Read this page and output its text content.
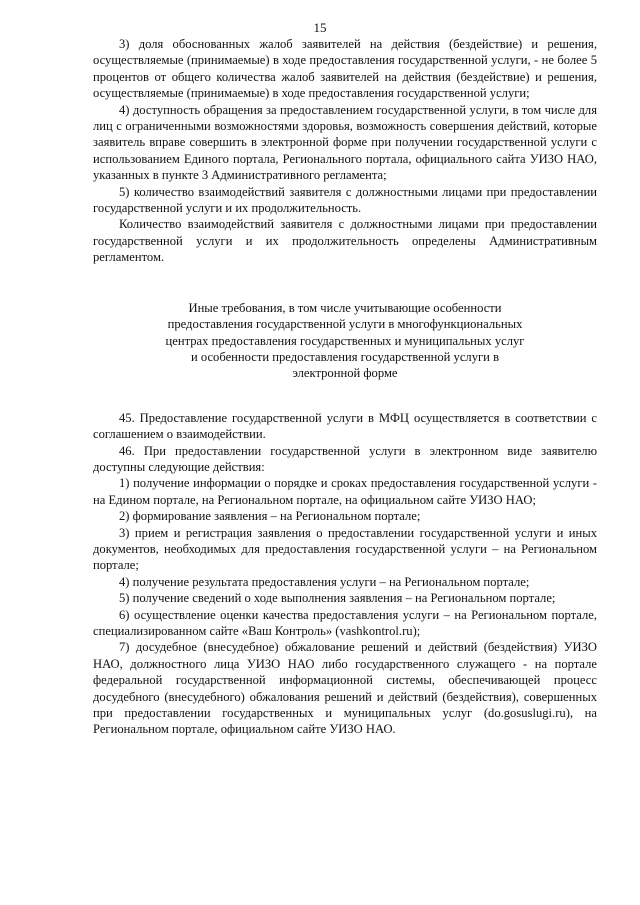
15

3) доля обоснованных жалоб заявителей на действия (бездействие) и решения, осуществляемые (принимаемые) в ходе предоставления государственной услуги, - не более 5 процентов от общего количества жалоб заявителей на действия (бездействие) и решения, осуществляемые (принимаемые) в ходе предоставления государственной услуги;

4) доступность обращения за предоставлением государственной услуги, в том числе для лиц с ограниченными возможностями здоровья, возможность совершения действий, которые заявитель вправе совершить в электронной форме при получении государственной услуги с использованием Единого портала, Регионального портала, официального сайта УИЗО НАО, указанных в пункте 3 Административного регламента;

5) количество взаимодействий заявителя с должностными лицами при предоставлении государственной услуги и их продолжительность.

Количество взаимодействий заявителя с должностными лицами при предоставлении государственной услуги и их продолжительность определены Административным регламентом.

Иные требования, в том числе учитывающие особенности
предоставления государственной услуги в многофункциональных
центрах предоставления государственных и муниципальных услуг
и особенности предоставления государственной услуги в
электронной форме

45. Предоставление государственной услуги в МФЦ осуществляется в соответствии с соглашением о взаимодействии.

46. При предоставлении государственной услуги в электронном виде заявителю доступны следующие действия:

1) получение информации о порядке и сроках предоставления государственной услуги - на Едином портале, на Региональном портале, на официальном сайте УИЗО НАО;

2) формирование заявления – на Региональном портале;

3) прием и регистрация заявления о предоставлении государственной услуги и иных документов, необходимых для предоставления государственной услуги – на Региональном портале;

4) получение результата предоставления услуги – на Региональном портале;

5) получение сведений о ходе выполнения заявления – на Региональном портале;

6) осуществление оценки качества предоставления услуги – на Региональном портале, специализированном сайте «Ваш Контроль» (vashkontrol.ru);

7) досудебное (внесудебное) обжалование решений и действий (бездействия) УИЗО НАО, должностного лица УИЗО НАО либо государственного служащего - на портале федеральной государственной информационной системы, обеспечивающей процесс досудебного (внесудебного) обжалования решений и действий (бездействия), совершенных при предоставлении государственных и муниципальных услуг (do.gosuslugi.ru), на Региональном портале, официальном сайте УИЗО НАО.
